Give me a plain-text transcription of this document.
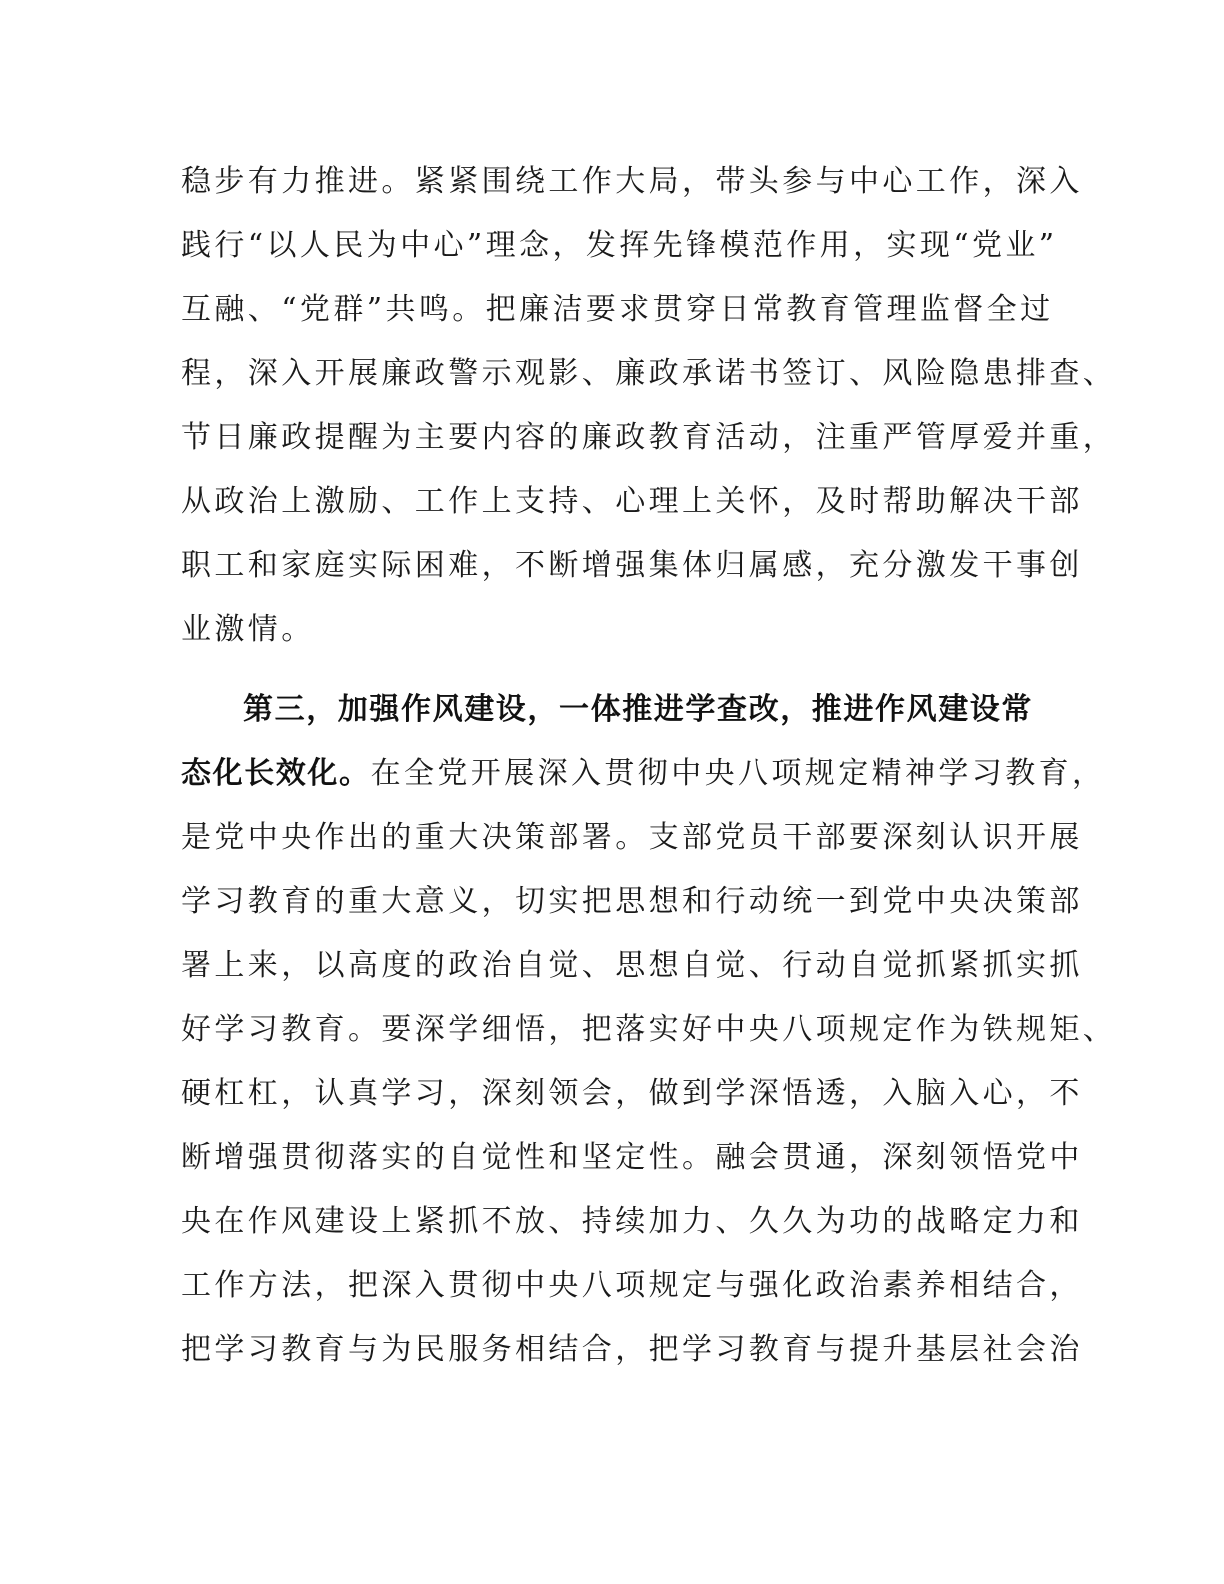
稳步有力推进。紧紧围绕工作大局，带头参与中心工作，深入
践行“以人民为中心”理念，发挥先锋模范作用，实现“党业”
互融、“党群”共鸣。把廉洁要求贯穿日常教育管理监督全过
程，深入开展廉政警示观影、廉政承诺书签订、风险隐患排查、
节日廉政提醒为主要内容的廉政教育活动，注重严管厚爱并重，
从政治上激励、工作上支持、心理上关怀，及时帮助解决干部
职工和家庭实际困难，不断增强集体归属感，充分激发干事创
业激情。
第三，加强作风建设，一体推进学查改，推进作风建设常
态化长效化。在全党开展深入贯彻中央八项规定精神学习教育，
是党中央作出的重大决策部署。支部党员干部要深刻认识开展
学习教育的重大意义，切实把思想和行动统一到党中央决策部
署上来，以高度的政治自觉、思想自觉、行动自觉抓紧抓实抓
好学习教育。要深学细悟，把落实好中央八项规定作为铁规矩、
硬杠杠，认真学习，深刻领会，做到学深悟透，入脑入心，不
断增强贯彻落实的自觉性和坚定性。融会贯通，深刻领悟党中
央在作风建设上紧抓不放、持续加力、久久为功的战略定力和
工作方法，把深入贯彻中央八项规定与强化政治素养相结合，
把学习教育与为民服务相结合，把学习教育与提升基层社会治
